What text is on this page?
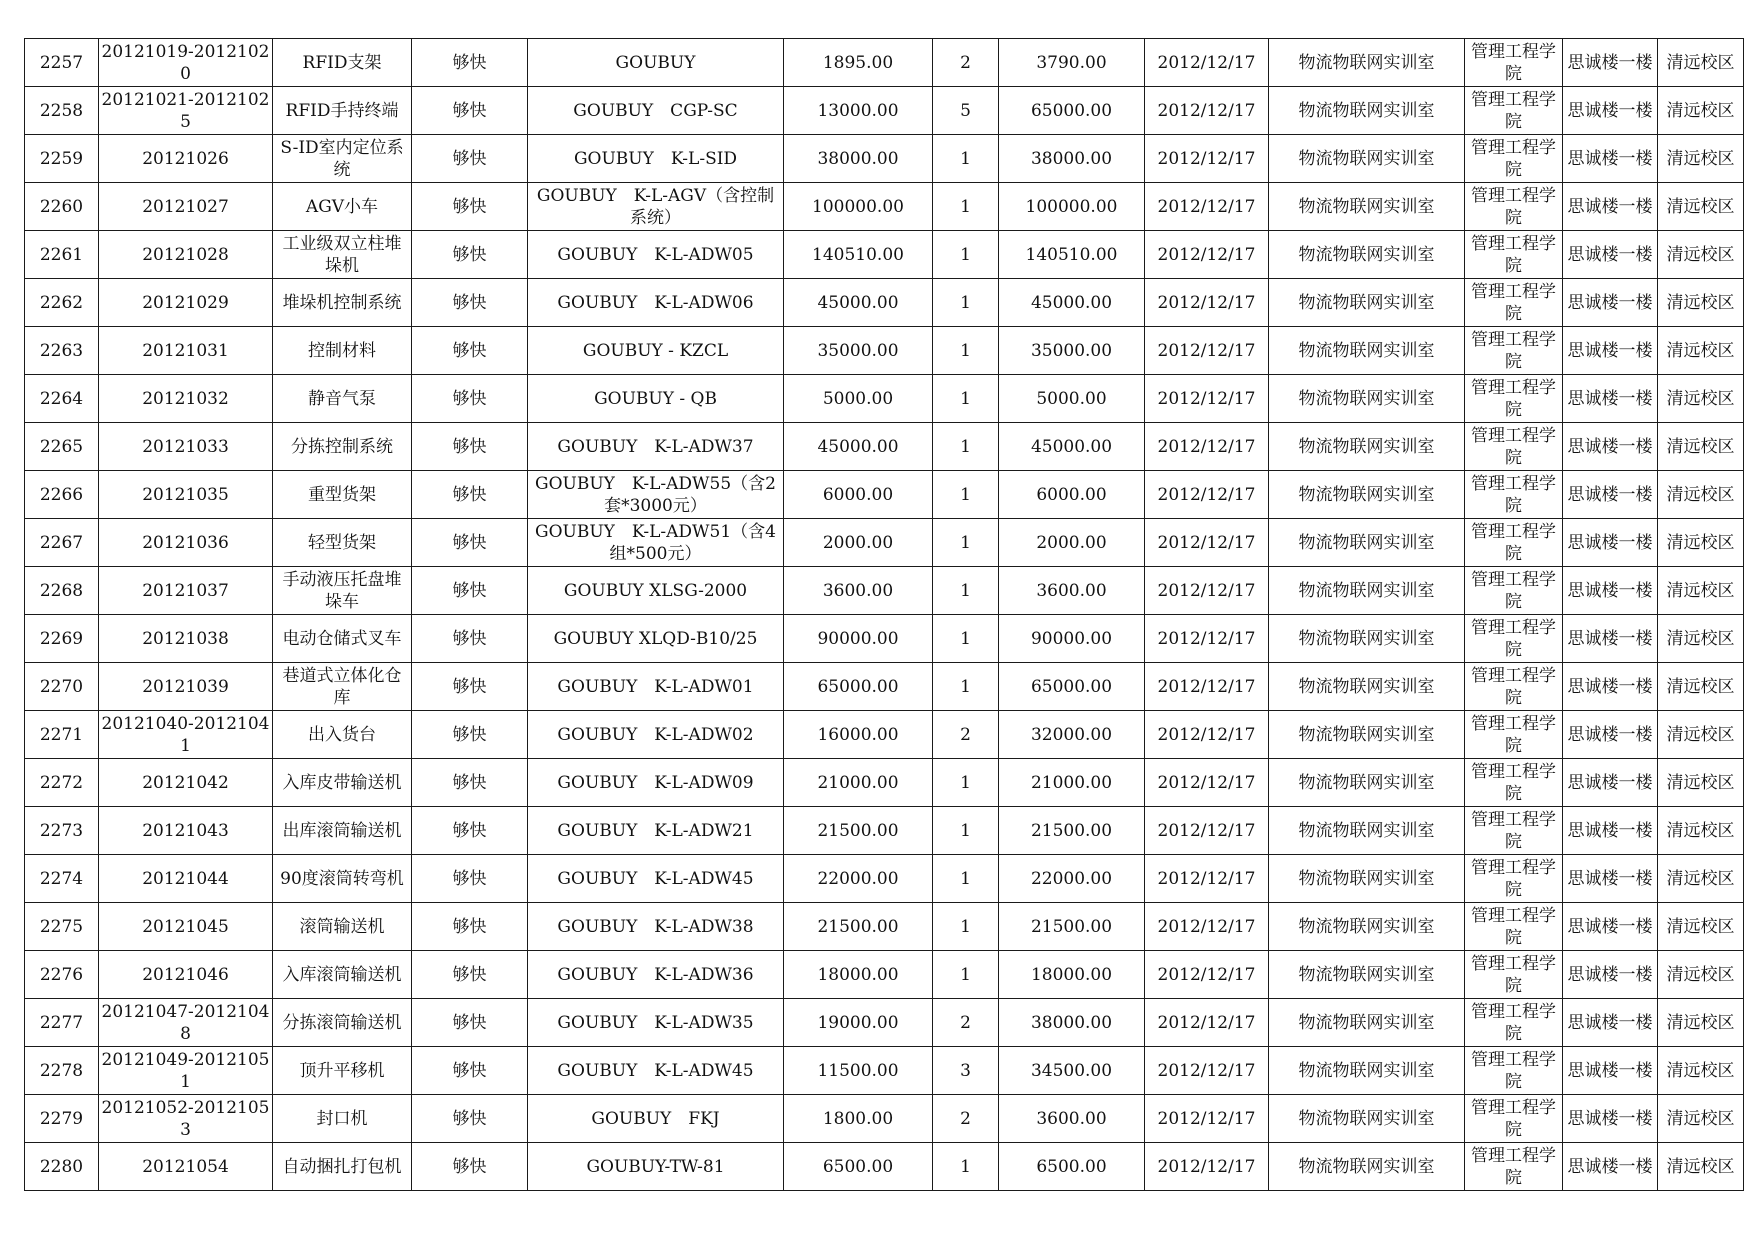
2257	20121019-20121020	RFID支架	够快	GOUBUY	1895.00	2	3790.00	2012/12/17	物流物联网实训室	管理工程学院	思诚楼一楼	清远校区
2258	20121021-20121025	RFID手持终端	够快	GOUBUY　CGP-SC	13000.00	5	65000.00	2012/12/17	物流物联网实训室	管理工程学院	思诚楼一楼	清远校区
2259	20121026	S-ID室内定位系统	够快	GOUBUY　K-L-SID	38000.00	1	38000.00	2012/12/17	物流物联网实训室	管理工程学院	思诚楼一楼	清远校区
2260	20121027	AGV小车	够快	GOUBUY　K-L-AGV（含控制系统）	100000.00	1	100000.00	2012/12/17	物流物联网实训室	管理工程学院	思诚楼一楼	清远校区
2261	20121028	工业级双立柱堆垛机	够快	GOUBUY　K-L-ADW05	140510.00	1	140510.00	2012/12/17	物流物联网实训室	管理工程学院	思诚楼一楼	清远校区
2262	20121029	堆垛机控制系统	够快	GOUBUY　K-L-ADW06	45000.00	1	45000.00	2012/12/17	物流物联网实训室	管理工程学院	思诚楼一楼	清远校区
2263	20121031	控制材料	够快	GOUBUY - KZCL	35000.00	1	35000.00	2012/12/17	物流物联网实训室	管理工程学院	思诚楼一楼	清远校区
2264	20121032	静音气泵	够快	GOUBUY - QB	5000.00	1	5000.00	2012/12/17	物流物联网实训室	管理工程学院	思诚楼一楼	清远校区
2265	20121033	分拣控制系统	够快	GOUBUY　K-L-ADW37	45000.00	1	45000.00	2012/12/17	物流物联网实训室	管理工程学院	思诚楼一楼	清远校区
2266	20121035	重型货架	够快	GOUBUY　K-L-ADW55（含2套*3000元）	6000.00	1	6000.00	2012/12/17	物流物联网实训室	管理工程学院	思诚楼一楼	清远校区
2267	20121036	轻型货架	够快	GOUBUY　K-L-ADW51（含4组*500元）	2000.00	1	2000.00	2012/12/17	物流物联网实训室	管理工程学院	思诚楼一楼	清远校区
2268	20121037	手动液压托盘堆垛车	够快	GOUBUY XLSG-2000	3600.00	1	3600.00	2012/12/17	物流物联网实训室	管理工程学院	思诚楼一楼	清远校区
2269	20121038	电动仓储式叉车	够快	GOUBUY XLQD-B10/25	90000.00	1	90000.00	2012/12/17	物流物联网实训室	管理工程学院	思诚楼一楼	清远校区
2270	20121039	巷道式立体化仓库	够快	GOUBUY　K-L-ADW01	65000.00	1	65000.00	2012/12/17	物流物联网实训室	管理工程学院	思诚楼一楼	清远校区
2271	20121040-20121041	出入货台	够快	GOUBUY　K-L-ADW02	16000.00	2	32000.00	2012/12/17	物流物联网实训室	管理工程学院	思诚楼一楼	清远校区
2272	20121042	入库皮带输送机	够快	GOUBUY　K-L-ADW09	21000.00	1	21000.00	2012/12/17	物流物联网实训室	管理工程学院	思诚楼一楼	清远校区
2273	20121043	出库滚筒输送机	够快	GOUBUY　K-L-ADW21	21500.00	1	21500.00	2012/12/17	物流物联网实训室	管理工程学院	思诚楼一楼	清远校区
2274	20121044	90度滚筒转弯机	够快	GOUBUY　K-L-ADW45	22000.00	1	22000.00	2012/12/17	物流物联网实训室	管理工程学院	思诚楼一楼	清远校区
2275	20121045	滚筒输送机	够快	GOUBUY　K-L-ADW38	21500.00	1	21500.00	2012/12/17	物流物联网实训室	管理工程学院	思诚楼一楼	清远校区
2276	20121046	入库滚筒输送机	够快	GOUBUY　K-L-ADW36	18000.00	1	18000.00	2012/12/17	物流物联网实训室	管理工程学院	思诚楼一楼	清远校区
2277	20121047-20121048	分拣滚筒输送机	够快	GOUBUY　K-L-ADW35	19000.00	2	38000.00	2012/12/17	物流物联网实训室	管理工程学院	思诚楼一楼	清远校区
2278	20121049-20121051	顶升平移机	够快	GOUBUY　K-L-ADW45	11500.00	3	34500.00	2012/12/17	物流物联网实训室	管理工程学院	思诚楼一楼	清远校区
2279	20121052-20121053	封口机	够快	GOUBUY　FKJ	1800.00	2	3600.00	2012/12/17	物流物联网实训室	管理工程学院	思诚楼一楼	清远校区
2280	20121054	自动捆扎打包机	够快	GOUBUY-TW-81	6500.00	1	6500.00	2012/12/17	物流物联网实训室	管理工程学院	思诚楼一楼	清远校区
